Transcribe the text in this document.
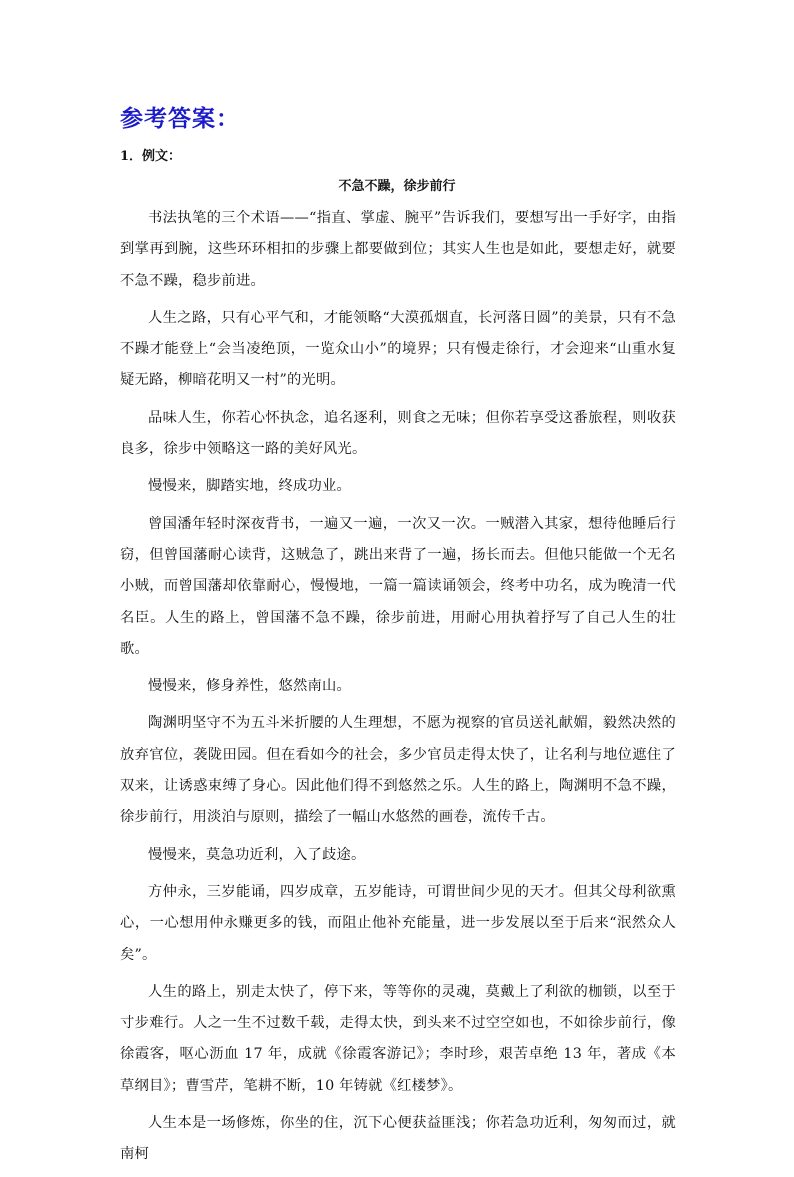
参考答案：
1．例文：
不急不躁，徐步前行

书法执笔的三个术语——“指直、掌虚、腕平”告诉我们，要想写出一手好字，由指到掌再到腕，这些环环相扣的步骤上都要做到位；其实人生也是如此，要想走好，就要不急不躁，稳步前进。

人生之路，只有心平气和，才能领略“大漠孤烟直，长河落日圆”的美景，只有不急不躁才能登上“会当凌绝顶，一览众山小”的境界；只有慢走徐行，才会迎来“山重水复疑无路，柳暗花明又一村”的光明。

品味人生，你若心怀执念，追名逐利，则食之无味；但你若享受这番旅程，则收获良多，徐步中领略这一路的美好风光。

慢慢来，脚踏实地，终成功业。

曾国潘年轻时深夜背书，一遍又一遍，一次又一次。一贼潜入其家，想待他睡后行窃，但曾国藩耐心读背，这贼急了，跳出来背了一遍，扬长而去。但他只能做一个无名小贼，而曾国藩却依靠耐心，慢慢地，一篇一篇读诵领会，终考中功名，成为晚清一代名臣。人生的路上，曾国藩不急不躁，徐步前进，用耐心用执着抒写了自己人生的壮歌。

慢慢来，修身养性，悠然南山。

陶渊明坚守不为五斗米折腰的人生理想，不愿为视察的官员送礼献媚，毅然决然的放弃官位，袭陇田园。但在看如今的社会，多少官员走得太快了，让名利与地位遮住了双来，让诱惑束缚了身心。因此他们得不到悠然之乐。人生的路上，陶渊明不急不躁，徐步前行，用淡泊与原则，描绘了一幅山水悠然的画卷，流传千古。

慢慢来，莫急功近利，入了歧途。

方仲永，三岁能诵，四岁成章，五岁能诗，可谓世间少见的天才。但其父母利欲熏心，一心想用仲永赚更多的钱，而阻止他补充能量，进一步发展以至于后来“泯然众人矣”。

人生的路上，别走太快了，停下来，等等你的灵魂，莫戴上了利欲的枷锁，以至于寸步难行。人之一生不过数千载，走得太快，到头来不过空空如也，不如徐步前行，像徐霞客，呕心沥血 17 年，成就《徐霞客游记》；李时珍，艰苦卓绝 13 年，著成《本草纲目》；曹雪芹，笔耕不断，10 年铸就《红楼梦》。

人生本是一场修炼，你坐的住，沉下心便获益匪浅；你若急功近利，匆匆而过，就南柯
